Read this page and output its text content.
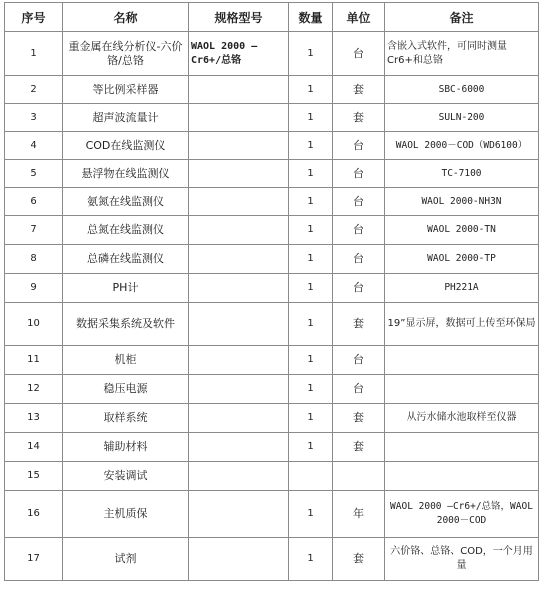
序号	名称	规格型号	数量	单位	备注
1	重金属在线分析仪-六价铬/总铬	WAOL 2000 –Cr6+/总铬	1	台	含嵌入式软件，可同时测量Cr6+和总铬
2	等比例采样器		1	套	SBC-6000
3	超声波流量计		1	套	SULN-200
4	COD在线监测仪		1	台	WAOL 2000－COD（WD6100）
5	悬浮物在线监测仪		1	台	TC-7100
6	氨氮在线监测仪		1	台	WAOL 2000-NH3N
7	总氮在线监测仪		1	台	WAOL 2000-TN
8	总磷在线监测仪		1	台	WAOL 2000-TP
9	PH计		1	台	PH221A
10	数据采集系统及软件		1	套	19”显示屏，数据可上传至环保局
11	机柜		1	台	
12	稳压电源		1	台	
13	取样系统		1	套	从污水储水池取样至仪器
14	辅助材料		1	套	
15	安装调试				
16	主机质保		1	年	WAOL 2000 –Cr6+/总铬，WAOL 2000－COD
17	试剂		1	套	六价铬、总铬、COD，一个月用量
